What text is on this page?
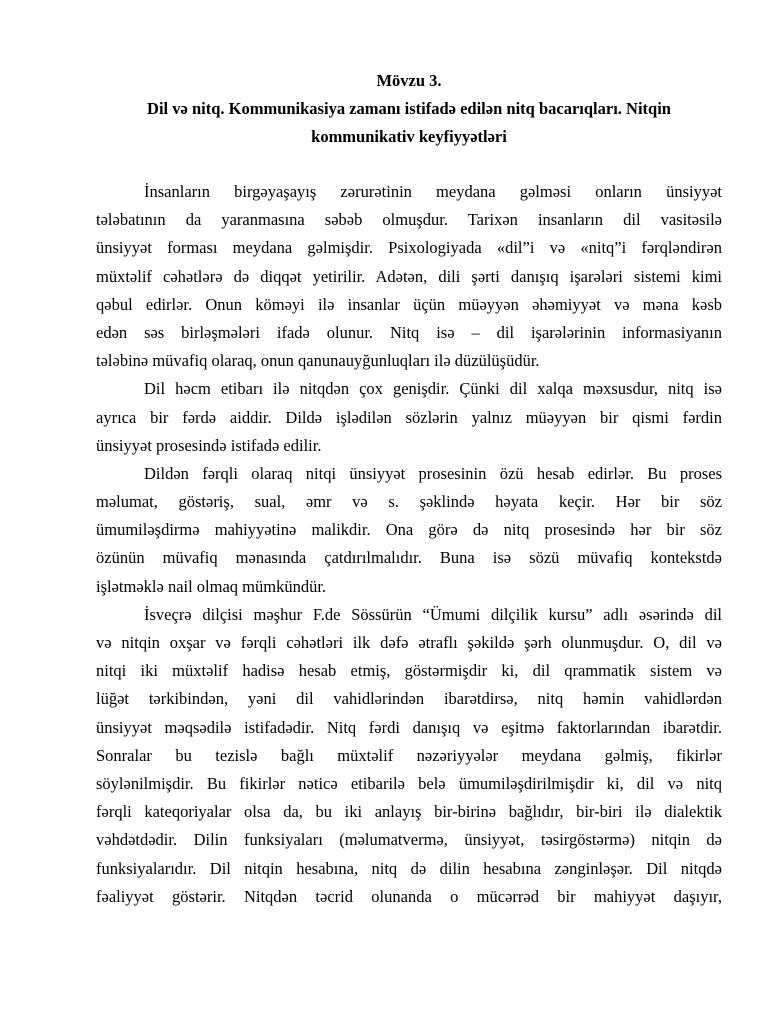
Mövzu 3.

Dil və nitq. Kommunikasiya zamanı istifadə edilən nitq bacarıqları. Nitqin
kommunikativ keyfiyyətləri

İnsanların birgəyaşayış zərurətinin meydana gəlməsi onların ünsiyyət
tələbatının da yaranmasına səbəb olmuşdur. Tarixən insanların dil vasitəsilə
ünsiyyət forması meydana gəlmişdir. Psixologiyada «dil”i və «nitq”i fərqləndirən
müxtəlif cəhətlərə də diqqət yetirilir. Adətən, dili şərti danışıq işarələri sistemi kimi
qəbul edirlər. Onun köməyi ilə insanlar üçün müəyyən əhəmiyyət və məna kəsb
edən səs birləşmələri ifadə olunur. Nitq isə – dil işarələrinin informasiyanın
tələbinə müvafiq olaraq, onun qanunauyğunluqları ilə düzülüşüdür.

Dil həcm etibarı ilə nitqdən çox genişdir. Çünki dil xalqa məxsusdur, nitq isə
ayrıca bir fərdə aiddir. Dildə işlədilən sözlərin yalnız müəyyən bir qismi fərdin
ünsiyyət prosesində istifadə edilir.

Dildən fərqli olaraq nitqi ünsiyyət prosesinin özü hesab edirlər. Bu proses
məlumat, göstəriş, sual, əmr və s. şəklində həyata keçir. Hər bir söz
ümumiləşdirmə mahiyyətinə malikdir. Ona görə də nitq prosesində hər bir söz
özünün müvafiq mənasında çatdırılmalıdır. Buna isə sözü müvafiq kontekstdə
işlətməklə nail olmaq mümkündür.

İsveçrə dilçisi məşhur F.de Sössürün “Ümumi dilçilik kursu” adlı əsərində dil
və nitqin oxşar və fərqli cəhətləri ilk dəfə ətraflı şəkildə şərh olunmuşdur. O, dil və
nitqi iki müxtəlif hadisə hesab etmiş, göstərmişdir ki, dil qrammatik sistem və
lüğət tərkibindən, yəni dil vahidlərindən ibarətdirsə, nitq həmin vahidlərdən
ünsiyyət məqsədilə istifadədir. Nitq fərdi danışıq və eşitmə faktorlarından ibarətdir.
Sonralar bu tezislə bağlı müxtəlif nəzəriyyələr meydana gəlmiş, fikirlər
söylənilmişdir. Bu fikirlər nəticə etibarilə belə ümumiləşdirilmişdir ki, dil və nitq
fərqli kateqoriyalar olsa da, bu iki anlayış bir-birinə bağlıdır, bir-biri ilə dialektik
vəhdətdədir. Dilin funksiyaları (məlumatvermə, ünsiyyət, təsirgöstərmə) nitqin də
funksiyalarıdır. Dil nitqin hesabına, nitq də dilin hesabına zənginləşər. Dil nitqdə
fəaliyyət göstərir. Nitqdən təcrid olunanda o mücərrəd bir mahiyyət daşıyır,
